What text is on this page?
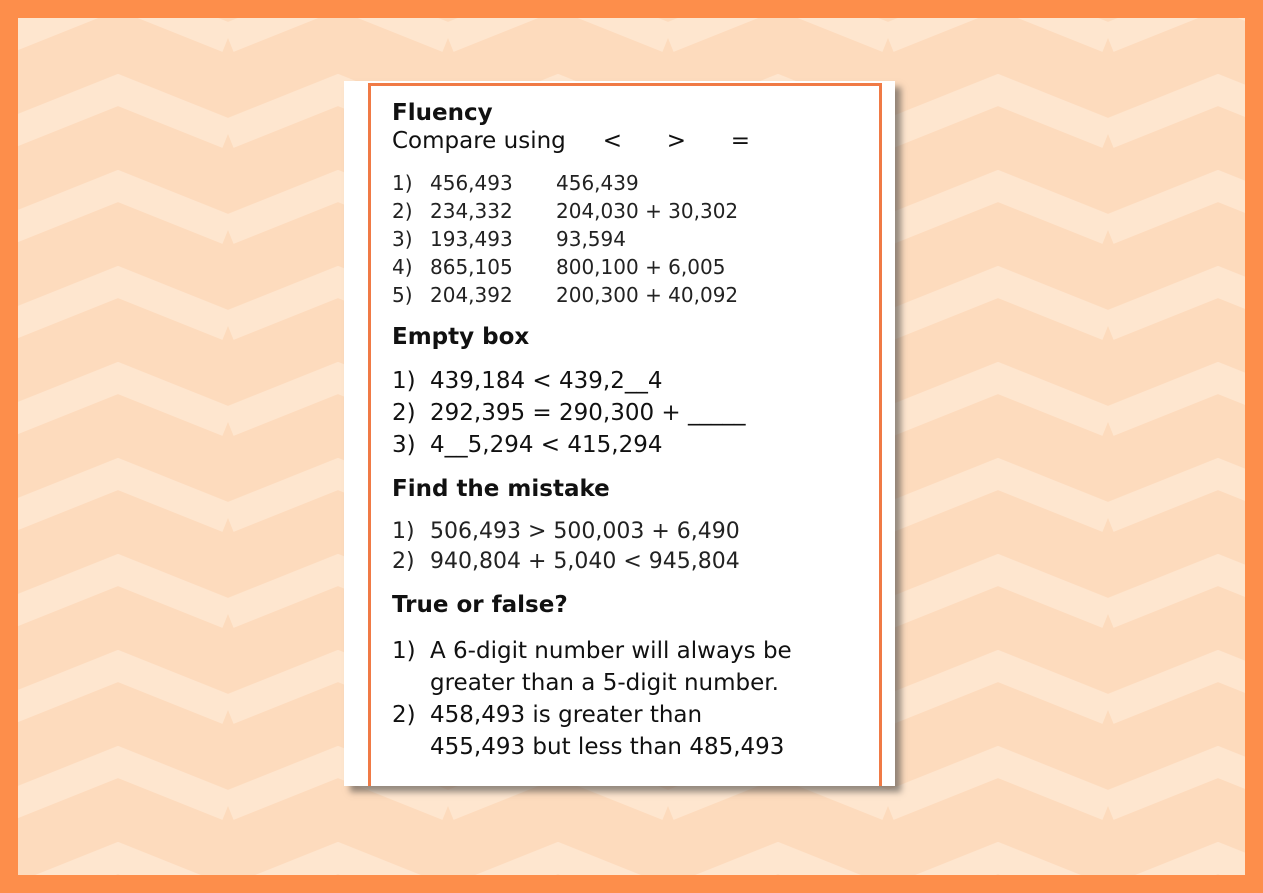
Fluency

Compare using < > =

1) 456,493	456,439
2) 234,332	204,030 + 30,302
3) 193,493	93,594
4) 865,105	800,100 + 6,005
5) 204,392	200,300 + 40,092

Empty box

1) 439,184 < 439,2__4
2) 292,395 = 290,300 + _____
3) 4__5,294 < 415,294

Find the mistake

1) 506,493 > 500,003 + 6,490
2) 940,804 + 5,040 < 945,804

True or false?

1) A 6-digit number will always be
greater than a 5-digit number.
2) 458,493 is greater than
455,493 but less than 485,493
